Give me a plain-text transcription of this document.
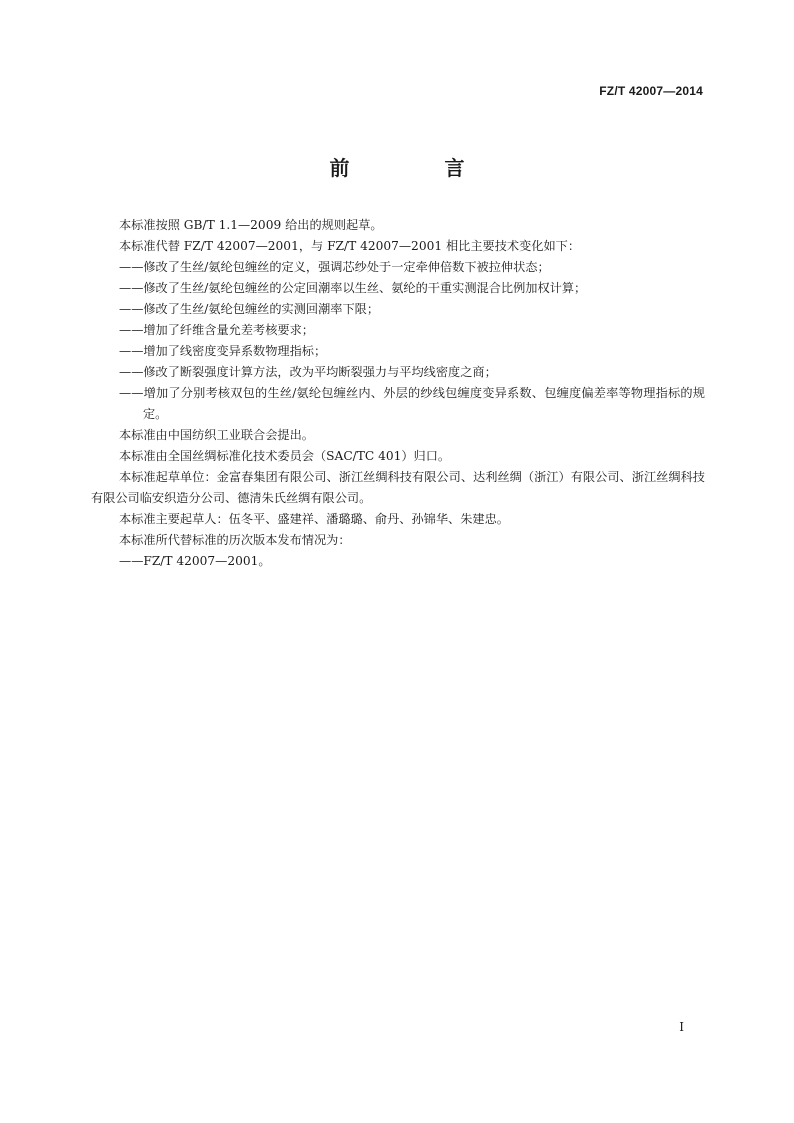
FZ/T 42007—2014
前 言

本标准按照 GB/T 1.1—2009 给出的规则起草。

本标准代替 FZ/T 42007—2001，与 FZ/T 42007—2001 相比主要技术变化如下：

——修改了生丝/氨纶包缠丝的定义，强调芯纱处于一定牵伸倍数下被拉伸状态；

——修改了生丝/氨纶包缠丝的公定回潮率以生丝、氨纶的干重实测混合比例加权计算；

——修改了生丝/氨纶包缠丝的实测回潮率下限；

——增加了纤维含量允差考核要求；

——增加了线密度变异系数物理指标；

——修改了断裂强度计算方法，改为平均断裂强力与平均线密度之商；

——增加了分别考核双包的生丝/氨纶包缠丝内、外层的纱线包缠度变异系数、包缠度偏差率等物理指标的规定。

本标准由中国纺织工业联合会提出。

本标准由全国丝绸标准化技术委员会（SAC/TC 401）归口。

本标准起草单位：金富春集团有限公司、浙江丝绸科技有限公司、达利丝绸（浙江）有限公司、浙江丝绸科技有限公司临安织造分公司、德清朱氏丝绸有限公司。

本标准主要起草人：伍冬平、盛建祥、潘璐璐、俞丹、孙锦华、朱建忠。

本标准所代替标准的历次版本发布情况为：

——FZ/T 42007—2001。

I
